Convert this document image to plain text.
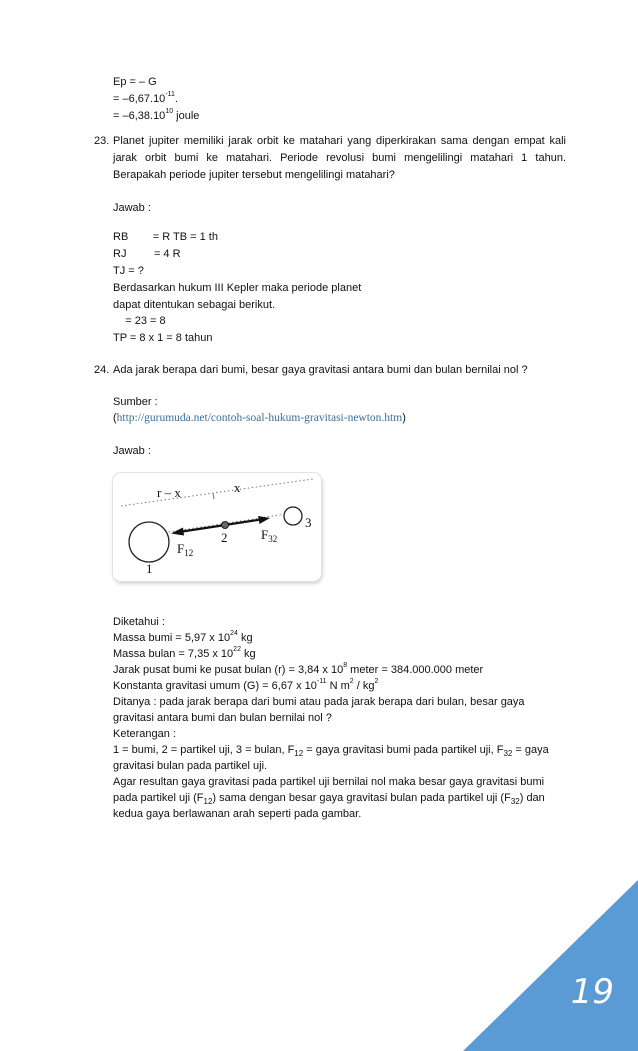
Ep = – G
= $-6,67.10^{-11}$.
= $-6,38.10^{10}$ joule
23. Planet jupiter memiliki jarak orbit ke matahari yang diperkirakan sama dengan empat kali
jarak orbit bumi ke matahari. Periode revolusi bumi mengelilingi matahari 1 tahun.
Berapakah periode jupiter tersebut mengelilingi matahari?
Jawab :
RB        = R TB = 1 th
RJ         = 4 R
TJ = ?
Berdasarkan hukum III Kepler maka periode planet
dapat ditentukan sebagai berikut.
= 23 = 8
TP = 8 x 1 = 8 tahun
24. Ada jarak berapa dari bumi, besar gaya gravitasi antara bumi dan bulan bernilai nol ?
Sumber :
(http://gurumuda.net/contoh-soal-hukum-gravitasi-newton.htm)
Jawab :
r – x	x
1
2
3
$F_{12}$
$F_{32}$
Diketahui :
Massa bumi = 5,97 x $10^{24}$ kg
Massa bulan = 7,35 x $10^{22}$ kg
Jarak pusat bumi ke pusat bulan (r) = 3,84 x $10^8$ meter = 384.000.000 meter
Konstanta gravitasi umum (G) = 6,67 x $10^{-11}$ N $m^2 / kg^2$
Ditanya : pada jarak berapa dari bumi atau pada jarak berapa dari bulan, besar gaya
gravitasi antara bumi dan bulan bernilai nol ?
Keterangan :
1 = bumi, 2 = partikel uji, 3 = bulan, $F_{12}$ = gaya gravitasi bumi pada partikel uji, $F_{32}$ = gaya
gravitasi bulan pada partikel uji.
Agar resultan gaya gravitasi pada partikel uji bernilai nol maka besar gaya gravitasi bumi
pada partikel uji $(F_{12})$ sama dengan besar gaya gravitasi bulan pada partikel uji $(F_{32})$ dan
kedua gaya berlawanan arah seperti pada gambar.
19
